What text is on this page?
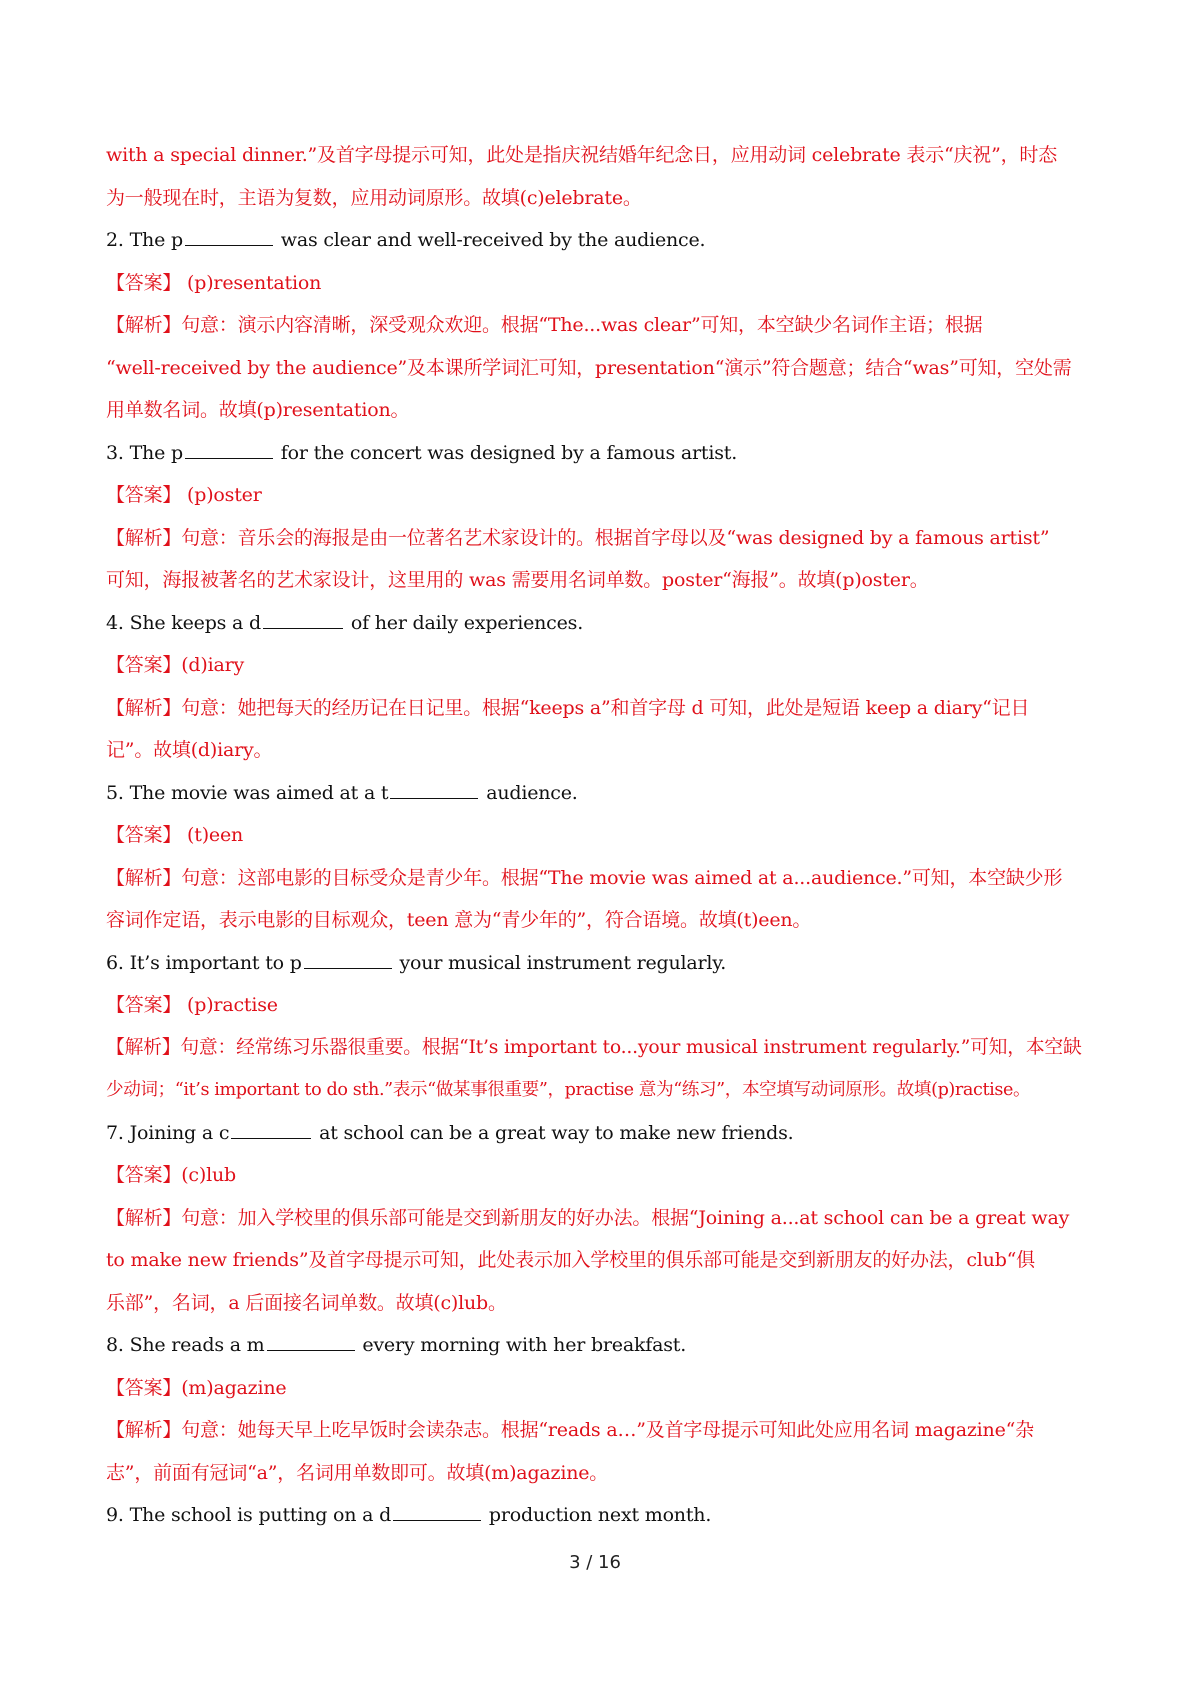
with a special dinner.”及首字母提示可知，此处是指庆祝结婚年纪念日，应用动词 celebrate 表示“庆祝”，时态
为一般现在时，主语为复数，应用动词原形。故填(c)elebrate。
2. The p	was clear and well-received by the audience.
【答案】 (p)resentation
【解析】句意：演示内容清晰，深受观众欢迎。根据“The...was clear”可知，本空缺少名词作主语；根据
“well-received by the audience”及本课所学词汇可知，presentation“演示”符合题意；结合“was”可知，空处需
用单数名词。故填(p)resentation。
3. The p	for the concert was designed by a famous artist.
【答案】 (p)oster
【解析】句意：音乐会的海报是由一位著名艺术家设计的。根据首字母以及“was designed by a famous artist”
可知，海报被著名的艺术家设计，这里用的 was 需要用名词单数。poster“海报”。故填(p)oster。
4. She keeps a d	of her daily experiences.
【答案】(d)iary
【解析】句意：她把每天的经历记在日记里。根据“keeps a”和首字母 d 可知，此处是短语 keep a diary“记日
记”。故填(d)iary。
5. The movie was aimed at a t	audience.
【答案】 (t)een
【解析】句意：这部电影的目标受众是青少年。根据“The movie was aimed at a...audience.”可知，本空缺少形
容词作定语，表示电影的目标观众，teen 意为“青少年的”，符合语境。故填(t)een。
6. It’s important to p	your musical instrument regularly.
【答案】 (p)ractise
【解析】句意：经常练习乐器很重要。根据“It’s important to...your musical instrument regularly.”可知，本空缺
少动词；“it’s important to do sth.”表示“做某事很重要”，practise 意为“练习”，本空填写动词原形。故填(p)ractise。
7. Joining a c	at school can be a great way to make new friends.
【答案】(c)lub
【解析】句意：加入学校里的俱乐部可能是交到新朋友的好办法。根据“Joining a...at school can be a great way
to make new friends”及首字母提示可知，此处表示加入学校里的俱乐部可能是交到新朋友的好办法，club“俱
乐部”，名词，a 后面接名词单数。故填(c)lub。
8. She reads a m	every morning with her breakfast.
【答案】(m)agazine
【解析】句意：她每天早上吃早饭时会读杂志。根据“reads a…”及首字母提示可知此处应用名词 magazine“杂
志”，前面有冠词“a”，名词用单数即可。故填(m)agazine。
9. The school is putting on a d	production next month.
3 / 16
